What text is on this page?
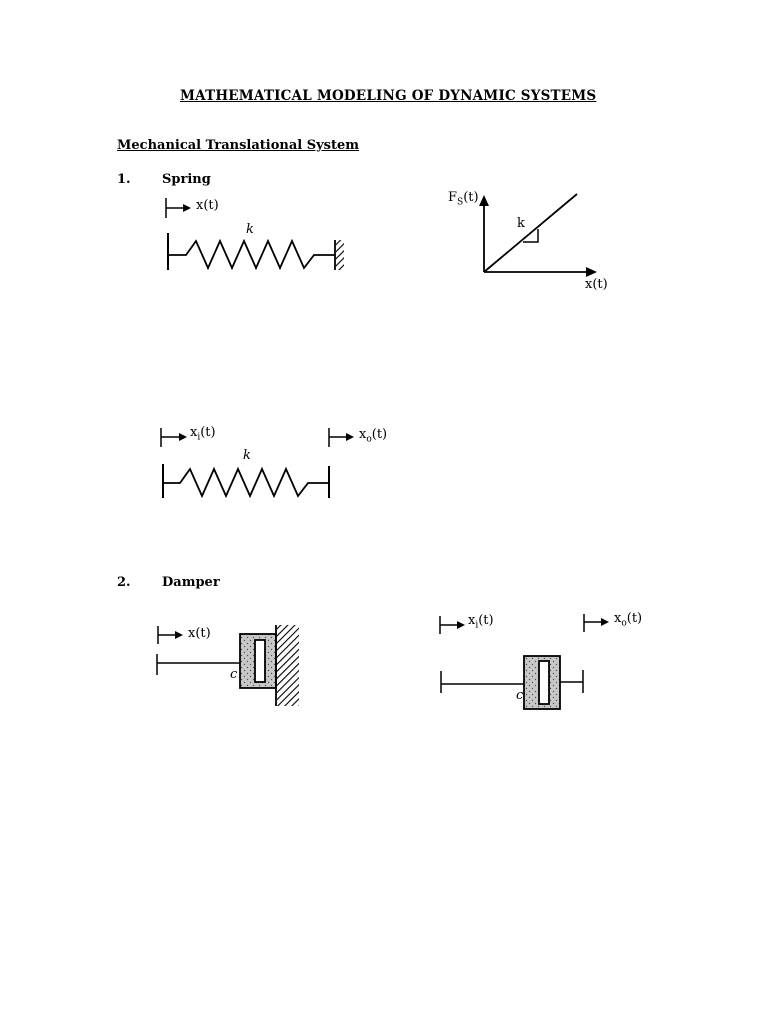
MATHEMATICAL MODELING OF DYNAMIC SYSTEMS
Mechanical Translational System
1. Spring
x(t)
k
$F_S(t)$
k
x(t)
$x_i(t)$	$x_o(t)$
k
2. Damper
x(t)
c
$x_i(t)$	$x_o(t)$
c
